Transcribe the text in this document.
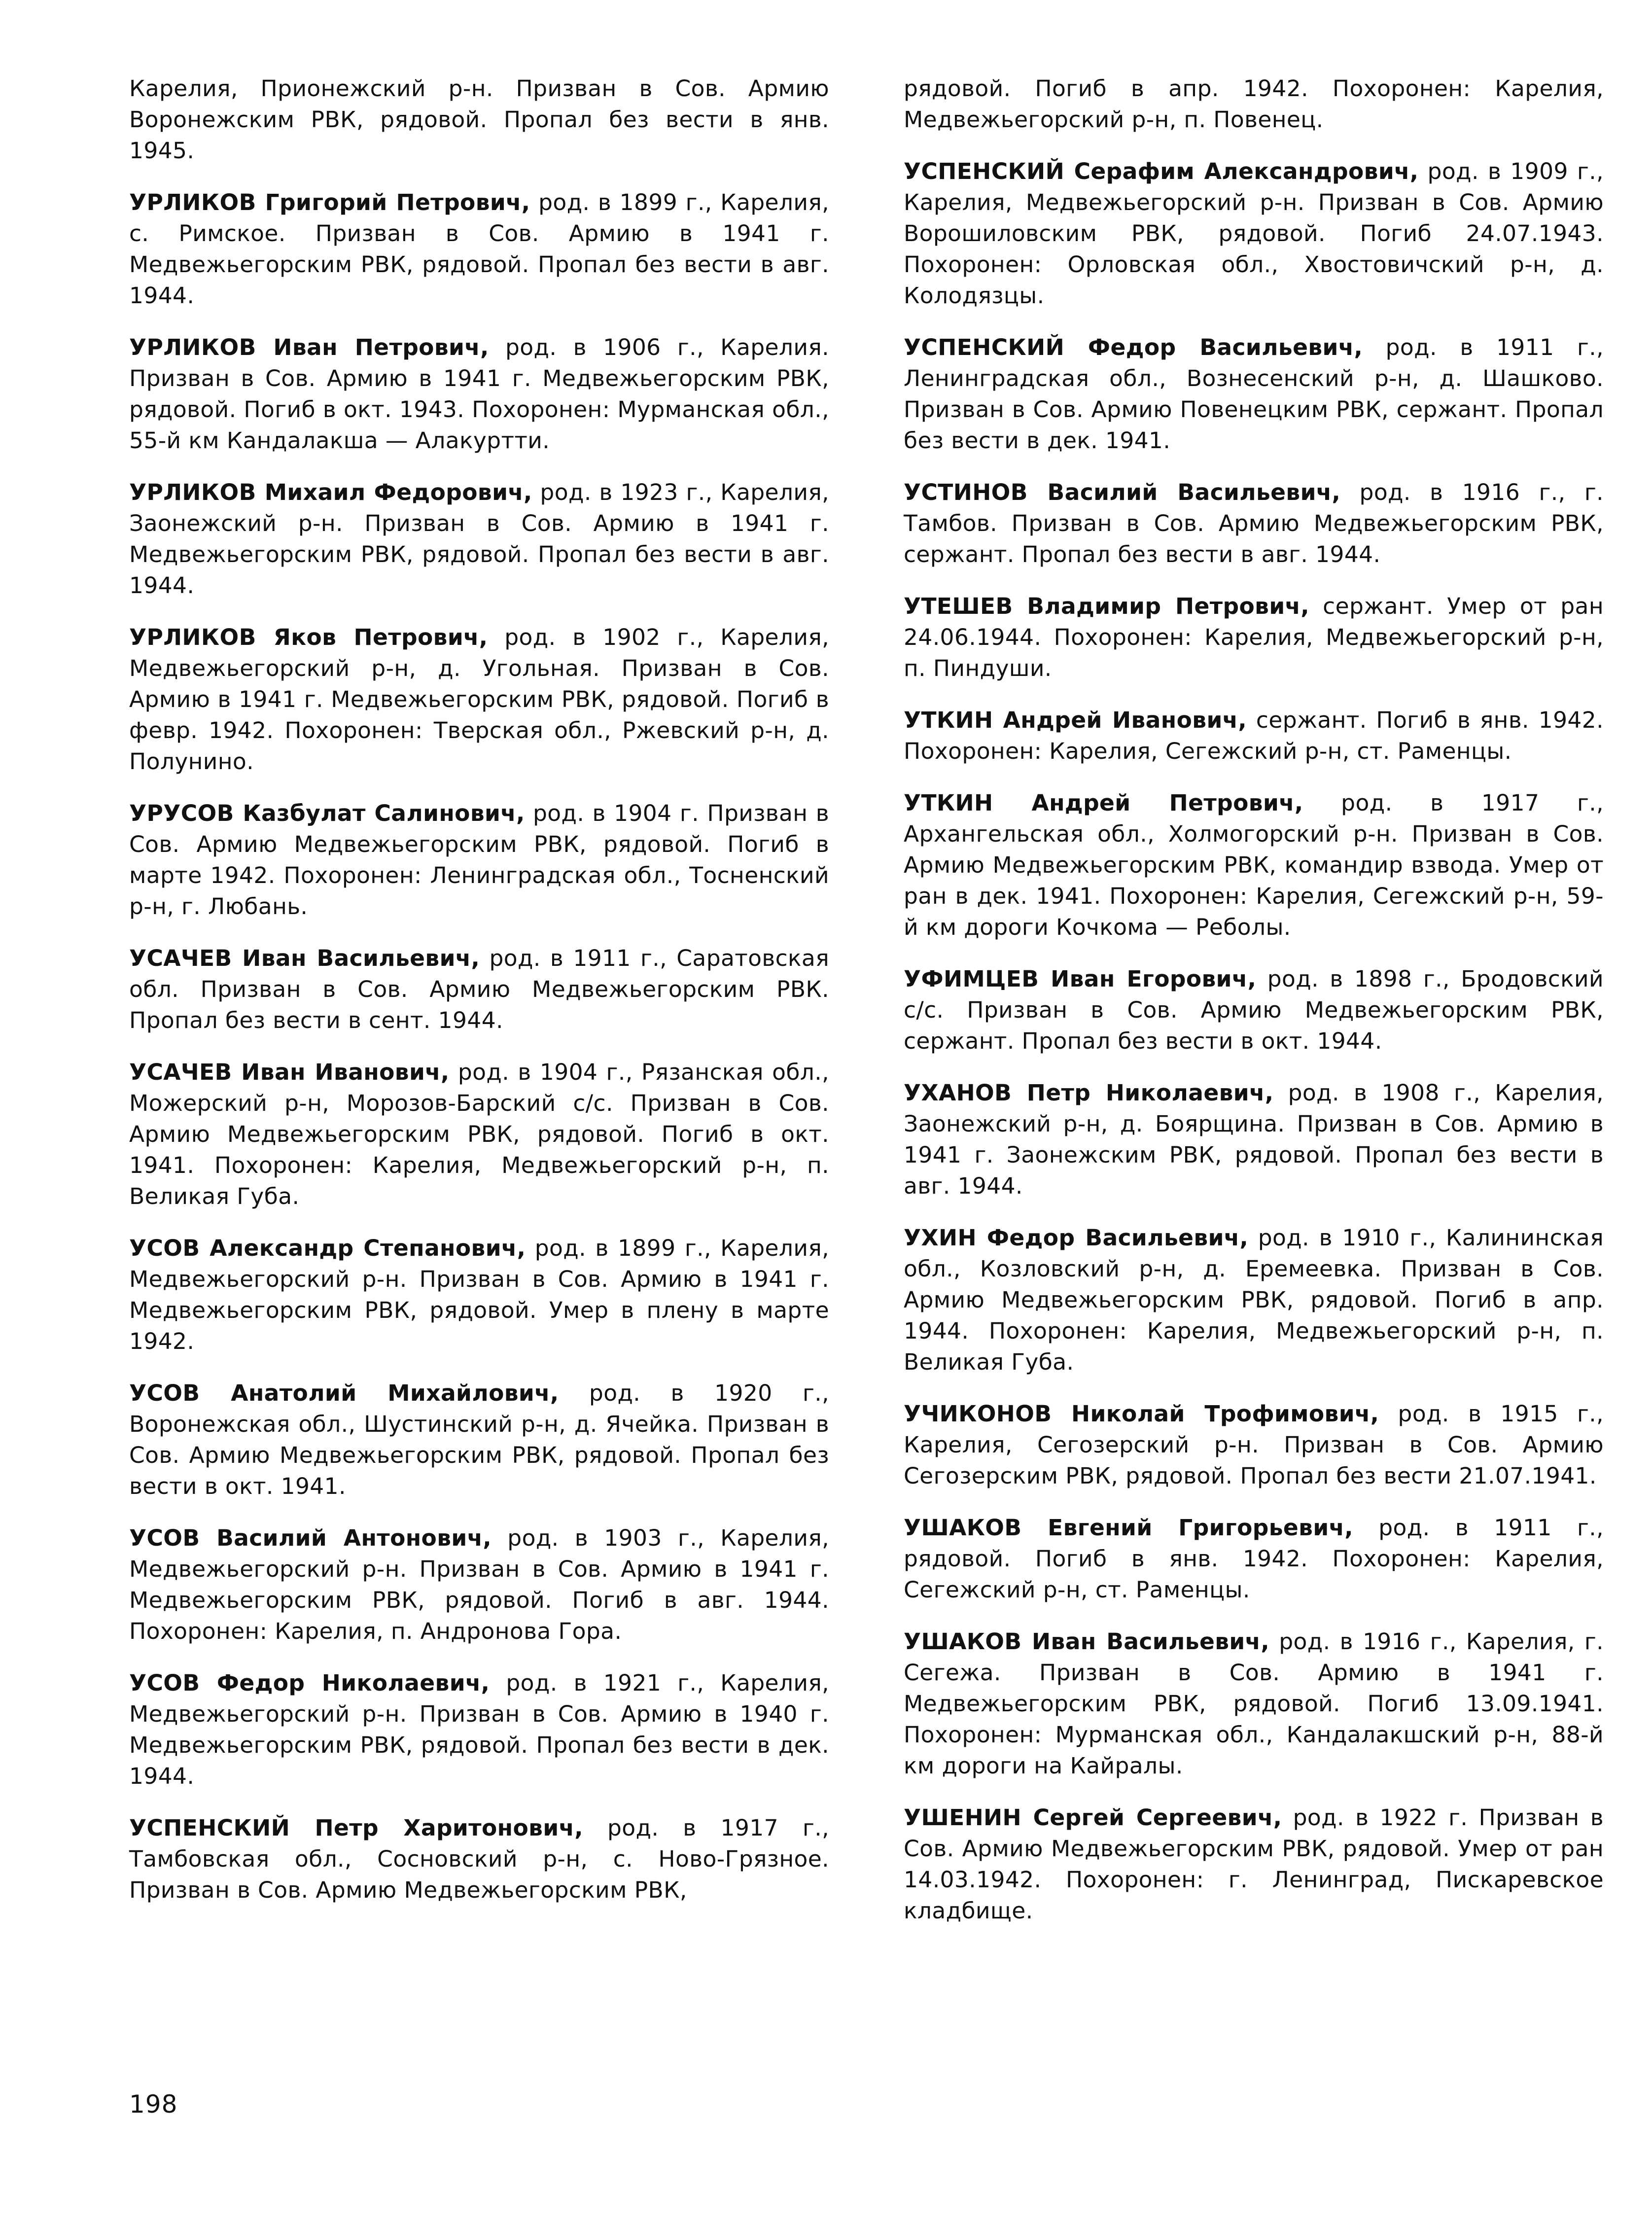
Карелия, Прионежский р-н. Призван в Сов. Армию Воронежским РВК, рядовой. Пропал без вести в янв. 1945.

УРЛИКОВ Григорий Петрович, род. в 1899 г., Карелия, с. Римское. Призван в Сов. Армию в 1941 г. Медвежьегорским РВК, рядовой. Пропал без вести в авг. 1944.

УРЛИКОВ Иван Петрович, род. в 1906 г., Карелия. Призван в Сов. Армию в 1941 г. Медвежьегорским РВК, рядовой. Погиб в окт. 1943. Похоронен: Мурманская обл., 55-й км Кандалакша — Алакуртти.

УРЛИКОВ Михаил Федорович, род. в 1923 г., Карелия, Заонежский р-н. Призван в Сов. Армию в 1941 г. Медвежьегорским РВК, рядовой. Пропал без вести в авг. 1944.

УРЛИКОВ Яков Петрович, род. в 1902 г., Карелия, Медвежьегорский р-н, д. Угольная. Призван в Сов. Армию в 1941 г. Медвежьегорским РВК, рядовой. Погиб в февр. 1942. Похоронен: Тверская обл., Ржевский р-н, д. Полунино.

УРУСОВ Казбулат Салинович, род. в 1904 г. Призван в Сов. Армию Медвежьегорским РВК, рядовой. Погиб в марте 1942. Похоронен: Ленинградская обл., Тосненский р-н, г. Любань.

УСАЧЕВ Иван Васильевич, род. в 1911 г., Саратовская обл. Призван в Сов. Армию Медвежьегорским РВК. Пропал без вести в сент. 1944.

УСАЧЕВ Иван Иванович, род. в 1904 г., Рязанская обл., Можерский р-н, Морозов-Барский с/с. Призван в Сов. Армию Медвежьегорским РВК, рядовой. Погиб в окт. 1941. Похоронен: Карелия, Медвежьегорский р-н, п. Великая Губа.

УСОВ Александр Степанович, род. в 1899 г., Карелия, Медвежьегорский р-н. Призван в Сов. Армию в 1941 г. Медвежьегорским РВК, рядовой. Умер в плену в марте 1942.

УСОВ Анатолий Михайлович, род. в 1920 г., Воронежская обл., Шустинский р-н, д. Ячейка. Призван в Сов. Армию Медвежьегорским РВК, рядовой. Пропал без вести в окт. 1941.

УСОВ Василий Антонович, род. в 1903 г., Карелия, Медвежьегорский р-н. Призван в Сов. Армию в 1941 г. Медвежьегорским РВК, рядовой. Погиб в авг. 1944. Похоронен: Карелия, п. Андронова Гора.

УСОВ Федор Николаевич, род. в 1921 г., Карелия, Медвежьегорский р-н. Призван в Сов. Армию в 1940 г. Медвежьегорским РВК, рядовой. Пропал без вести в дек. 1944.

УСПЕНСКИЙ Петр Харитонович, род. в 1917 г., Тамбовская обл., Сосновский р-н, с. Ново-Грязное. Призван в Сов. Армию Медвежьегорским РВК,

рядовой. Погиб в апр. 1942. Похоронен: Карелия, Медвежьегорский р-н, п. Повенец.

УСПЕНСКИЙ Серафим Александрович, род. в 1909 г., Карелия, Медвежьегорский р-н. Призван в Сов. Армию Ворошиловским РВК, рядовой. Погиб 24.07.1943. Похоронен: Орловская обл., Хвостовичский р-н, д. Колодязцы.

УСПЕНСКИЙ Федор Васильевич, род. в 1911 г., Ленинградская обл., Вознесенский р-н, д. Шашково. Призван в Сов. Армию Повенецким РВК, сержант. Пропал без вести в дек. 1941.

УСТИНОВ Василий Васильевич, род. в 1916 г., г. Тамбов. Призван в Сов. Армию Медвежьегорским РВК, сержант. Пропал без вести в авг. 1944.

УТЕШЕВ Владимир Петрович, сержант. Умер от ран 24.06.1944. Похоронен: Карелия, Медвежьегорский р-н, п. Пиндуши.

УТКИН Андрей Иванович, сержант. Погиб в янв. 1942. Похоронен: Карелия, Сегежский р-н, ст. Раменцы.

УТКИН Андрей Петрович, род. в 1917 г., Архангельская обл., Холмогорский р-н. Призван в Сов. Армию Медвежьегорским РВК, командир взвода. Умер от ран в дек. 1941. Похоронен: Карелия, Сегежский р-н, 59-й км дороги Кочкома — Реболы.

УФИМЦЕВ Иван Егорович, род. в 1898 г., Бродовский с/с. Призван в Сов. Армию Медвежьегорским РВК, сержант. Пропал без вести в окт. 1944.

УХАНОВ Петр Николаевич, род. в 1908 г., Карелия, Заонежский р-н, д. Боярщина. Призван в Сов. Армию в 1941 г. Заонежским РВК, рядовой. Пропал без вести в авг. 1944.

УХИН Федор Васильевич, род. в 1910 г., Калининская обл., Козловский р-н, д. Еремеевка. Призван в Сов. Армию Медвежьегорским РВК, рядовой. Погиб в апр. 1944. Похоронен: Карелия, Медвежьегорский р-н, п. Великая Губа.

УЧИКОНОВ Николай Трофимович, род. в 1915 г., Карелия, Сегозерский р-н. Призван в Сов. Армию Сегозерским РВК, рядовой. Пропал без вести 21.07.1941.

УШАКОВ Евгений Григорьевич, род. в 1911 г., рядовой. Погиб в янв. 1942. Похоронен: Карелия, Сегежский р-н, ст. Раменцы.

УШАКОВ Иван Васильевич, род. в 1916 г., Карелия, г. Сегежа. Призван в Сов. Армию в 1941 г. Медвежьегорским РВК, рядовой. Погиб 13.09.1941. Похоронен: Мурманская обл., Кандалакшский р-н, 88-й км дороги на Кайралы.

УШЕНИН Сергей Сергеевич, род. в 1922 г. Призван в Сов. Армию Медвежьегорским РВК, рядовой. Умер от ран 14.03.1942. Похоронен: г. Ленинград, Пискаревское кладбище.

198
